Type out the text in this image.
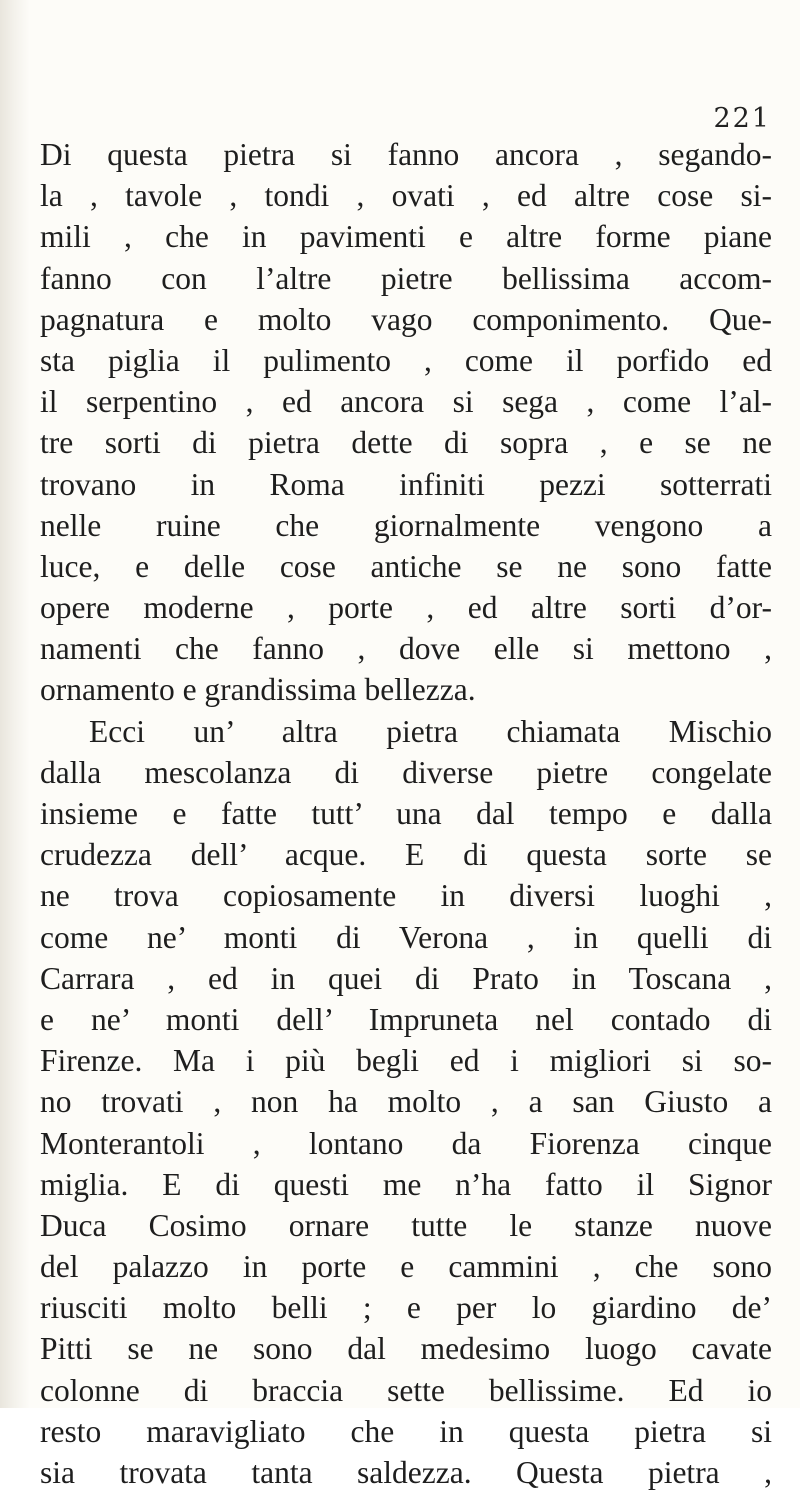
221
Di questa pietra si fanno ancora , segando-
la , tavole , tondi , ovati , ed altre cose si-
mili , che in pavimenti e altre forme piane
fanno con l’altre pietre bellissima accom-
pagnatura e molto vago componimento. Que-
sta piglia il pulimento , come il porfido ed
il serpentino , ed ancora si sega , come l’al-
tre sorti di pietra dette di sopra , e se ne
trovano in Roma infiniti pezzi sotterrati
nelle ruine che giornalmente vengono a
luce, e delle cose antiche se ne sono fatte
opere moderne , porte , ed altre sorti d’or-
namenti che fanno , dove elle si mettono ,
ornamento e grandissima bellezza.
Ecci un’ altra pietra chiamata Mischio
dalla mescolanza di diverse pietre congelate
insieme e fatte tutt’ una dal tempo e dalla
crudezza dell’ acque. E di questa sorte se
ne trova copiosamente in diversi luoghi ,
come ne’ monti di Verona , in quelli di
Carrara , ed in quei di Prato in Toscana ,
e ne’ monti dell’ Impruneta nel contado di
Firenze. Ma i più begli ed i migliori si so-
no trovati , non ha molto , a san Giusto a
Monterantoli , lontano da Fiorenza cinque
miglia. E di questi me n’ha fatto il Signor
Duca Cosimo ornare tutte le stanze nuove
del palazzo in porte e cammini , che sono
riusciti molto belli ; e per lo giardino de’
Pitti se ne sono dal medesimo luogo cavate
colonne di braccia sette bellissime. Ed io
resto maravigliato che in questa pietra si
sia trovata tanta saldezza. Questa pietra ,
